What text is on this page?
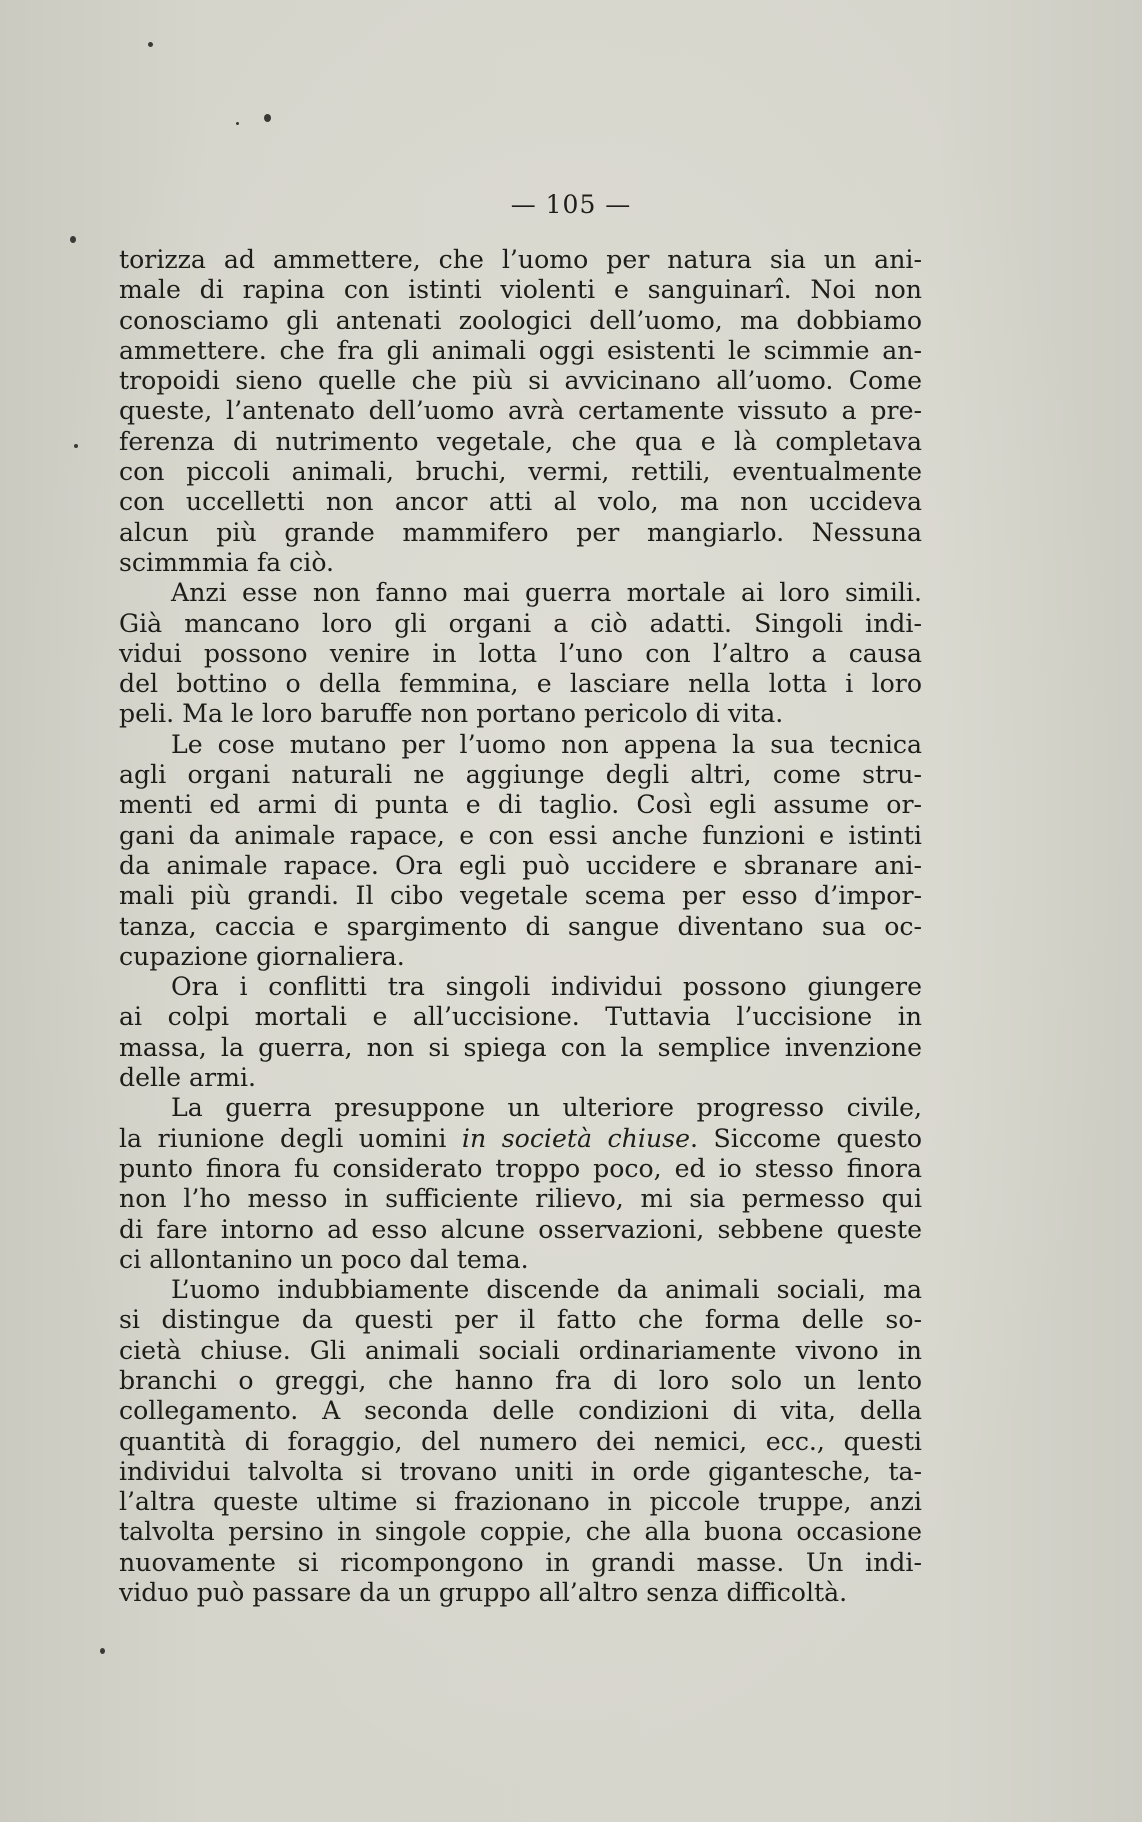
— 105 —

torizza ad ammettere, che l’uomo per natura sia un ani-
male di rapina con istinti violenti e sanguinarî. Noi non
conosciamo gli antenati zoologici dell’uomo, ma dobbiamo
ammettere. che fra gli animali oggi esistenti le scimmie an-
tropoidi sieno quelle che più si avvicinano all’uomo. Come
queste, l’antenato dell’uomo avrà certamente vissuto a pre-
ferenza di nutrimento vegetale, che qua e là completava
con piccoli animali, bruchi, vermi, rettili, eventualmente
con uccelletti non ancor atti al volo, ma non uccideva
alcun più grande mammifero per mangiarlo. Nessuna
scimmmia fa ciò.

Anzi esse non fanno mai guerra mortale ai loro simili.
Già mancano loro gli organi a ciò adatti. Singoli indi-
vidui possono venire in lotta l’uno con l’altro a causa
del bottino o della femmina, e lasciare nella lotta i loro
peli. Ma le loro baruffe non portano pericolo di vita.

Le cose mutano per l’uomo non appena la sua tecnica
agli organi naturali ne aggiunge degli altri, come stru-
menti ed armi di punta e di taglio. Così egli assume or-
gani da animale rapace, e con essi anche funzioni e istinti
da animale rapace. Ora egli può uccidere e sbranare ani-
mali più grandi. Il cibo vegetale scema per esso d’impor-
tanza, caccia e spargimento di sangue diventano sua oc-
cupazione giornaliera.

Ora i conflitti tra singoli individui possono giungere
ai colpi mortali e all’uccisione. Tuttavia l’uccisione in
massa, la guerra, non si spiega con la semplice invenzione
delle armi.

La guerra presuppone un ulteriore progresso civile,
la riunione degli uomini in società chiuse. Siccome questo
punto finora fu considerato troppo poco, ed io stesso finora
non l’ho messo in sufficiente rilievo, mi sia permesso qui
di fare intorno ad esso alcune osservazioni, sebbene queste
ci allontanino un poco dal tema.

L’uomo indubbiamente discende da animali sociali, ma
si distingue da questi per il fatto che forma delle so-
cietà chiuse. Gli animali sociali ordinariamente vivono in
branchi o greggi, che hanno fra di loro solo un lento
collegamento. A seconda delle condizioni di vita, della
quantità di foraggio, del numero dei nemici, ecc., questi
individui talvolta si trovano uniti in orde gigantesche, ta-
l’altra queste ultime si frazionano in piccole truppe, anzi
talvolta persino in singole coppie, che alla buona occasione
nuovamente si ricompongono in grandi masse. Un indi-
viduo può passare da un gruppo all’altro senza difficoltà.
